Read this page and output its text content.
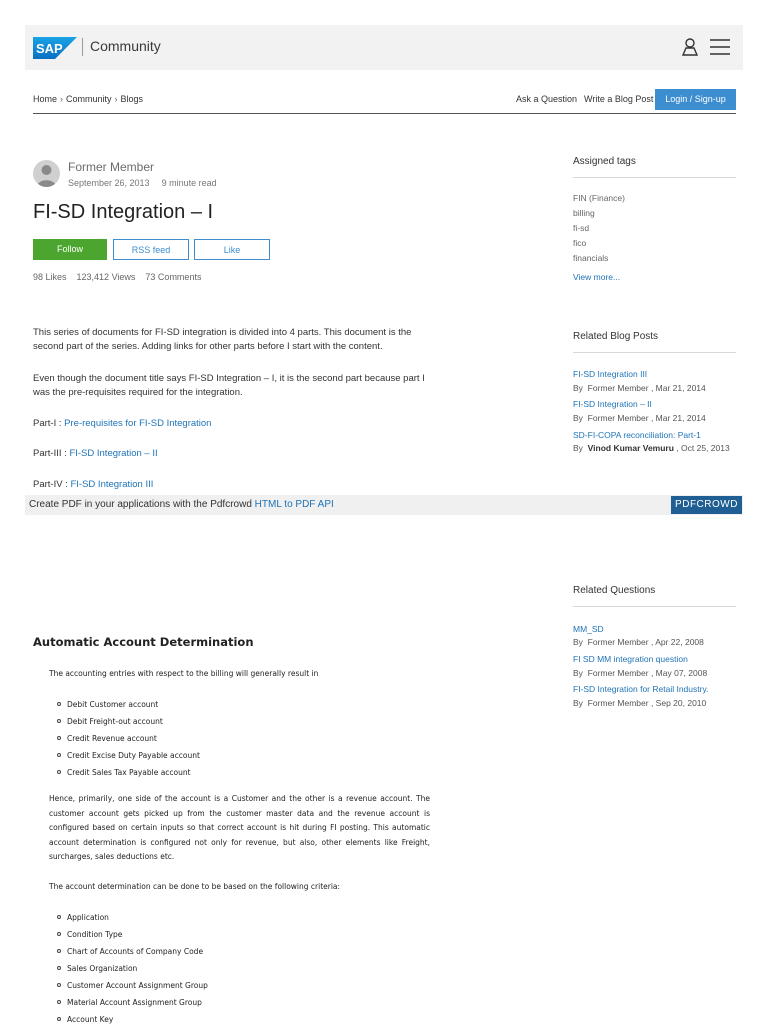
SAP Community
Home › Community › Blogs	Ask a Question Write a Blog Post	Login / Sign-up
Former Member
September 26, 2013 9 minute read
FI-SD Integration – I
Follow	RSS feed	Like
98 Likes 123,412 Views 73 Comments
This series of documents for FI-SD integration is divided into 4 parts. This document is the second part of the series. Adding links for other parts before I start with the content.
Even though the document title says FI-SD Integration – I, it is the second part because part I was the pre-requisites required for the integration.
Part-I : Pre-requisites for FI-SD Integration
Part-III : FI-SD Integration – II
Part-IV : FI-SD Integration III
Create PDF in your applications with the Pdfcrowd HTML to PDF API	PDFCROWD
Assigned tags
FIN (Finance)
billing
fi-sd
fico
financials
View more...
Related Blog Posts
FI-SD Integration III
By Former Member , Mar 21, 2014
FI-SD Integration – II
By Former Member , Mar 21, 2014
SD-FI-COPA reconciliation: Part-1
By Vinod Kumar Vemuru , Oct 25, 2013
Related Questions
MM_SD
By Former Member , Apr 22, 2008
FI SD MM integration question
By Former Member , May 07, 2008
FI-SD Integration for Retail Industry.
By Former Member , Sep 20, 2010
Automatic Account Determination
The accounting entries with respect to the billing will generally result in
Debit Customer account
Debit Freight-out account
Credit Revenue account
Credit Excise Duty Payable account
Credit Sales Tax Payable account
Hence, primarily, one side of the account is a Customer and the other is a revenue account. The customer account gets picked up from the customer master data and the revenue account is configured based on certain inputs so that correct account is hit during FI posting. This automatic account determination is configured not only for revenue, but also, other elements like Freight, surcharges, sales deductions etc.
The account determination can be done to be based on the following criteria:
Application
Condition Type
Chart of Accounts of Company Code
Sales Organization
Customer Account Assignment Group
Material Account Assignment Group
Account Key
